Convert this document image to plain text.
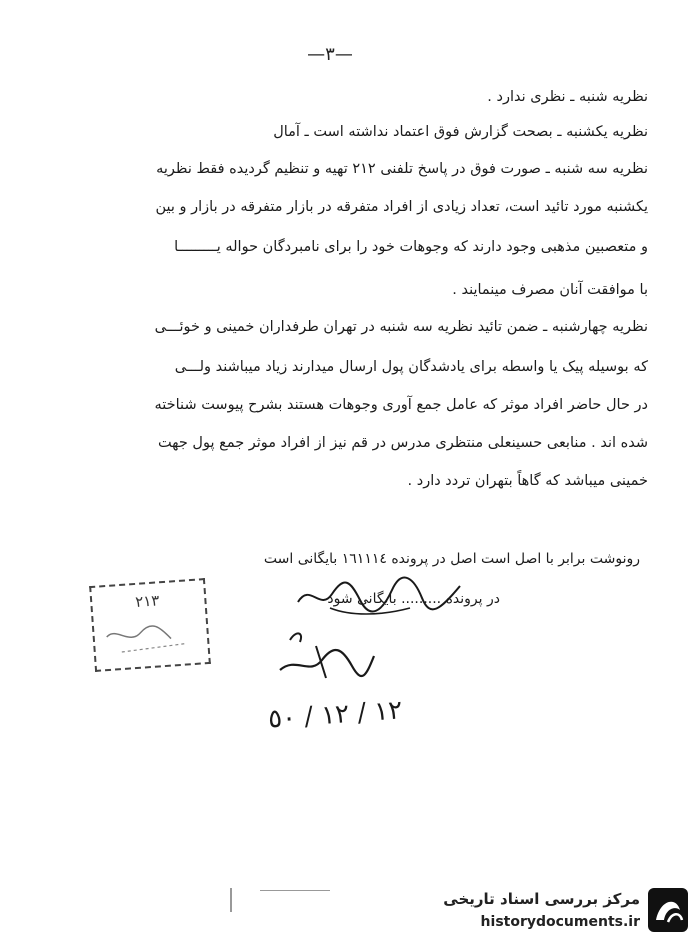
—٣—
نظریه شنبه ـ نظری ندارد .
نظریه یکشنبه ـ بصحت گزارش فوق اعتماد نداشته است ـ آمال
نظریه سه شنبه ـ صورت فوق در پاسخ تلفنی ٢١٢ تهیه و تنظیم گردیده فقط نظریه
یکشنبه مورد تائید است، تعداد زیادی از افراد متفرقه در بازار متفرقه در بازار و بین
و متعصبین مذهبی وجود دارند که وجوهات خود را برای نامبردگان حواله یـــــــــا
با موافقت آنان مصرف مینمایند .
نظریه چهارشنبه ـ ضمن تائید نظریه سه شنبه در تهران طرفداران خمینی و خوئـــی
که بوسیله پیک یا واسطه برای یادشدگان پول ارسال میدارند زیاد میباشند ولـــی
در حال حاضر افراد موثر که عامل جمع آوری وجوهات هستند بشرح پیوست شناخته
شده اند . منابعی حسینعلی منتظری مدرس در قم نیز از افراد موثر جمع پول جهت
خمینی میباشد که گاهاً بتهران تردد دارد .
رونوشت برابر با اصل است اصل در پرونده ١٦١١١٤ بایگانی است
در پرونده ......... بایگانی شود
١٢ / ١٢ / ٥٠
٢١٣
مرکز بررسی اسناد تاریخی
historydocuments.ir
